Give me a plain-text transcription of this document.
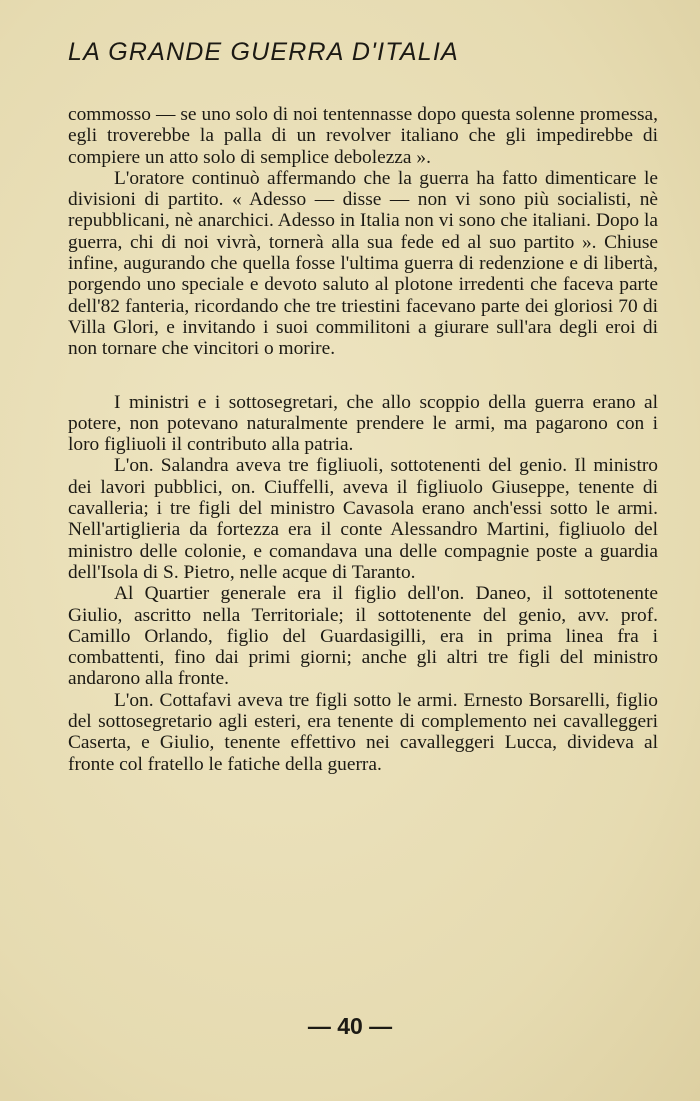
LA GRANDE GUERRA D'ITALIA

commosso — se uno solo di noi tentennasse dopo questa solenne promessa, egli troverebbe la palla di un revolver italiano che gli impedirebbe di compiere un atto solo di semplice debolezza ».

L'oratore continuò affermando che la guerra ha fatto dimenticare le divisioni di partito. « Adesso — disse — non vi sono più socialisti, nè repubblicani, nè anarchici. Adesso in Italia non vi sono che italiani. Dopo la guerra, chi di noi vivrà, tornerà alla sua fede ed al suo partito ». Chiuse infine, augurando che quella fosse l'ultima guerra di redenzione e di libertà, porgendo uno speciale e devoto saluto al plotone irredenti che faceva parte dell'82 fanteria, ricordando che tre triestini facevano parte dei gloriosi 70 di Villa Glori, e invitando i suoi commilitoni a giurare sull'ara degli eroi di non tornare che vincitori o morire.

I ministri e i sottosegretari, che allo scoppio della guerra erano al potere, non potevano naturalmente prendere le armi, ma pagarono con i loro figliuoli il contributo alla patria.

L'on. Salandra aveva tre figliuoli, sottotenenti del genio. Il ministro dei lavori pubblici, on. Ciuffelli, aveva il figliuolo Giuseppe, tenente di cavalleria; i tre figli del ministro Cavasola erano anch'essi sotto le armi. Nell'artiglieria da fortezza era il conte Alessandro Martini, figliuolo del ministro delle colonie, e comandava una delle compagnie poste a guardia dell'Isola di S. Pietro, nelle acque di Taranto.

Al Quartier generale era il figlio dell'on. Daneo, il sottotenente Giulio, ascritto nella Territoriale; il sottotenente del genio, avv. prof. Camillo Orlando, figlio del Guardasigilli, era in prima linea fra i combattenti, fino dai primi giorni; anche gli altri tre figli del ministro andarono alla fronte.

L'on. Cottafavi aveva tre figli sotto le armi. Ernesto Borsarelli, figlio del sottosegretario agli esteri, era tenente di complemento nei cavalleggeri Caserta, e Giulio, tenente effettivo nei cavalleggeri Lucca, divideva al fronte col fratello le fatiche della guerra.

— 40 —
